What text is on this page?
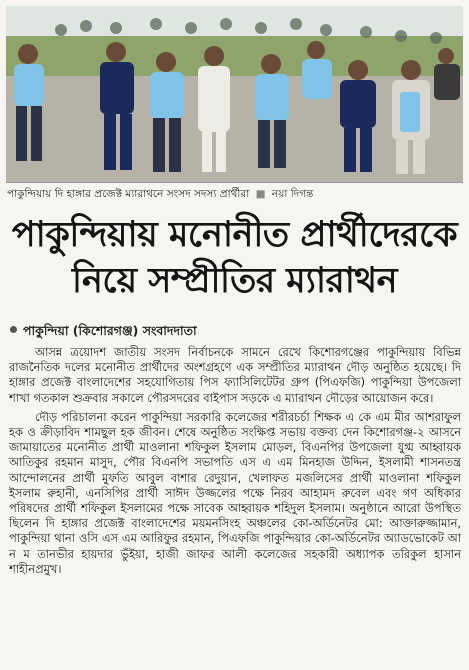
পাকুন্দিয়ায় দি হাঙ্গার প্রজেক্ট ম্যারাথনে সংসদ সদস্য প্রার্থীরা ■ নয়া দিগন্ত
পাকুন্দিয়ায় মনোনীত প্রার্থীদেরকে
নিয়ে সম্প্রীতির ম্যারাথন
পাকুন্দিয়া (কিশোরগঞ্জ) সংবাদদাতা

আসন্ন ত্রয়োদশ জাতীয় সংসদ নির্বাচনকে সামনে রেখে কিশোরগঞ্জের পাকুন্দিয়ায় বিভিন্ন রাজনৈতিক দলের মনোনীত প্রার্থীদের অংশগ্রহণে এক সম্প্রীতির ম্যারাথন দৌড় অনুষ্ঠিত হয়েছে। দি হাঙ্গার প্রজেক্ট বাংলাদেশের সহযোগিতায় পিস ফ্যাসিলিটেটর গ্রুপ (পিএফজি) পাকুন্দিয়া উপজেলা শাখা গতকাল শুক্রবার সকালে পৌরসদরের বাইপাস সড়কে এ ম্যারাথন দৌড়ের আয়োজন করে।

দৌড় পরিচালনা করেন পাকুন্দিয়া সরকারি কলেজের শরীরচর্চা শিক্ষক এ কে এম মীর আশরাফুল হক ও ক্রীড়াবিদ শামছুল হক জীবন। শেষে অনুষ্ঠিত সংক্ষিপ্ত সভায় বক্তব্য দেন কিশোরগঞ্জ-২ আসনে জামায়াতের মনোনীত প্রার্থী মাওলানা শফিকুল ইসলাম মোড়ল, বিএনপির উপজেলা যুগ্ম আহ্বায়ক আতিকুর রহমান মাসুদ, পৌর বিএনপি সভাপতি এস এ এম মিনহাজ উদ্দিন, ইসলামী শাসনতন্ত্র আন্দোলনের প্রার্থী মুফতি আবুল বাশার রেদুয়ান, খেলাফত মজলিসের প্রার্থী মাওলানা শফিকুল ইসলাম রুহানী, এনসিপির প্রার্থী সাঈদ উজ্জলের পক্ষে নিরব আহামদ রুবেল এবং গণ অধিকার পরিষদের প্রার্থী শফিকুল ইসলামের পক্ষে সাবেক আহ্বায়ক শহিদুল ইসলাম। অনুষ্ঠানে আরো উপস্থিত ছিলেন দি হাঙ্গার প্রজেক্ট বাংলাদেশের ময়মনসিংহ অঞ্চলের কো-অর্ডিনেটর মো: আক্তারুজ্জামান, পাকুন্দিয়া থানা ওসি এস এম আরিফুর রহমান, পিএফজি পাকুন্দিয়ার কো-অর্ডিনেটর অ্যাডভোকেট আ ন ম তানভীর হায়দার ভুঁইয়া, হাজী জাফর আলী কলেজের সহকারী অধ্যাপক তরিকুল হাসান শাহীনপ্রমুখ।
